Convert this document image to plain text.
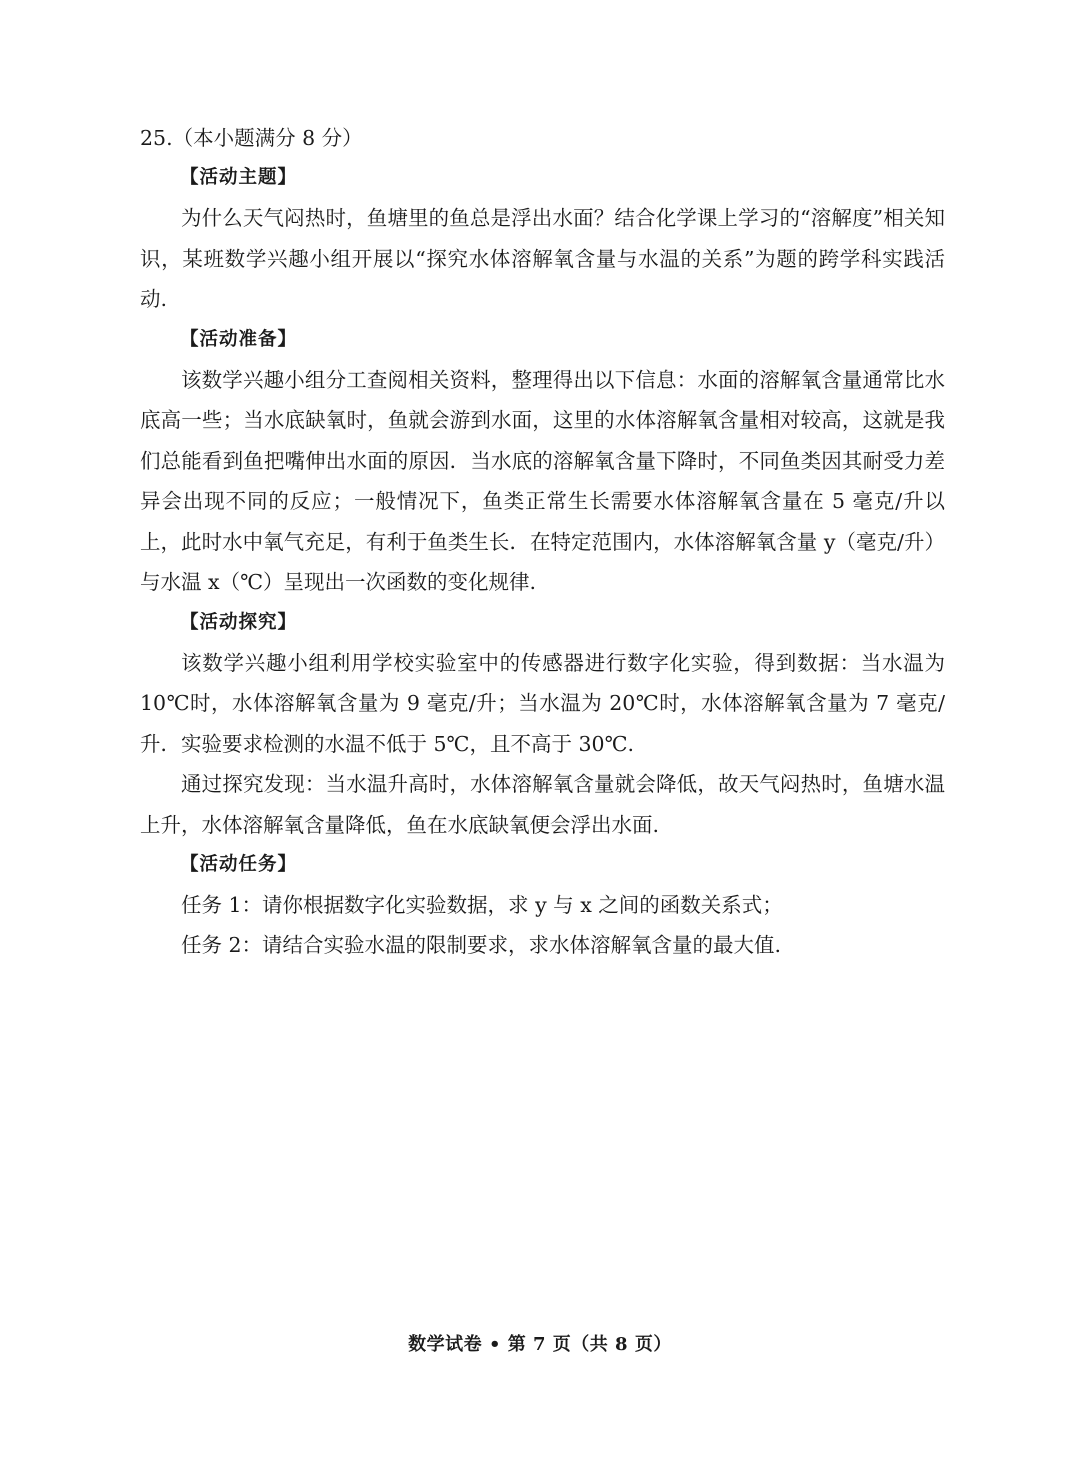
25.（本小题满分 8 分）

【活动主题】

为什么天气闷热时，鱼塘里的鱼总是浮出水面？结合化学课上学习的“溶解度”相关知识，某班数学兴趣小组开展以“探究水体溶解氧含量与水温的关系”为题的跨学科实践活动.

【活动准备】

该数学兴趣小组分工查阅相关资料，整理得出以下信息：水面的溶解氧含量通常比水底高一些；当水底缺氧时，鱼就会游到水面，这里的水体溶解氧含量相对较高，这就是我们总能看到鱼把嘴伸出水面的原因．当水底的溶解氧含量下降时，不同鱼类因其耐受力差异会出现不同的反应；一般情况下，鱼类正常生长需要水体溶解氧含量在 5 毫克/升以上，此时水中氧气充足，有利于鱼类生长．在特定范围内，水体溶解氧含量 y（毫克/升）与水温 x（℃）呈现出一次函数的变化规律.

【活动探究】

该数学兴趣小组利用学校实验室中的传感器进行数字化实验，得到数据：当水温为 10℃时，水体溶解氧含量为 9 毫克/升；当水温为 20℃时，水体溶解氧含量为 7 毫克/升．实验要求检测的水温不低于 5℃，且不高于 30℃.

通过探究发现：当水温升高时，水体溶解氧含量就会降低，故天气闷热时，鱼塘水温上升，水体溶解氧含量降低，鱼在水底缺氧便会浮出水面.

【活动任务】

任务 1：请你根据数字化实验数据，求 y 与 x 之间的函数关系式；

任务 2：请结合实验水温的限制要求，求水体溶解氧含量的最大值.

数学试卷 • 第 7 页（共 8 页）
